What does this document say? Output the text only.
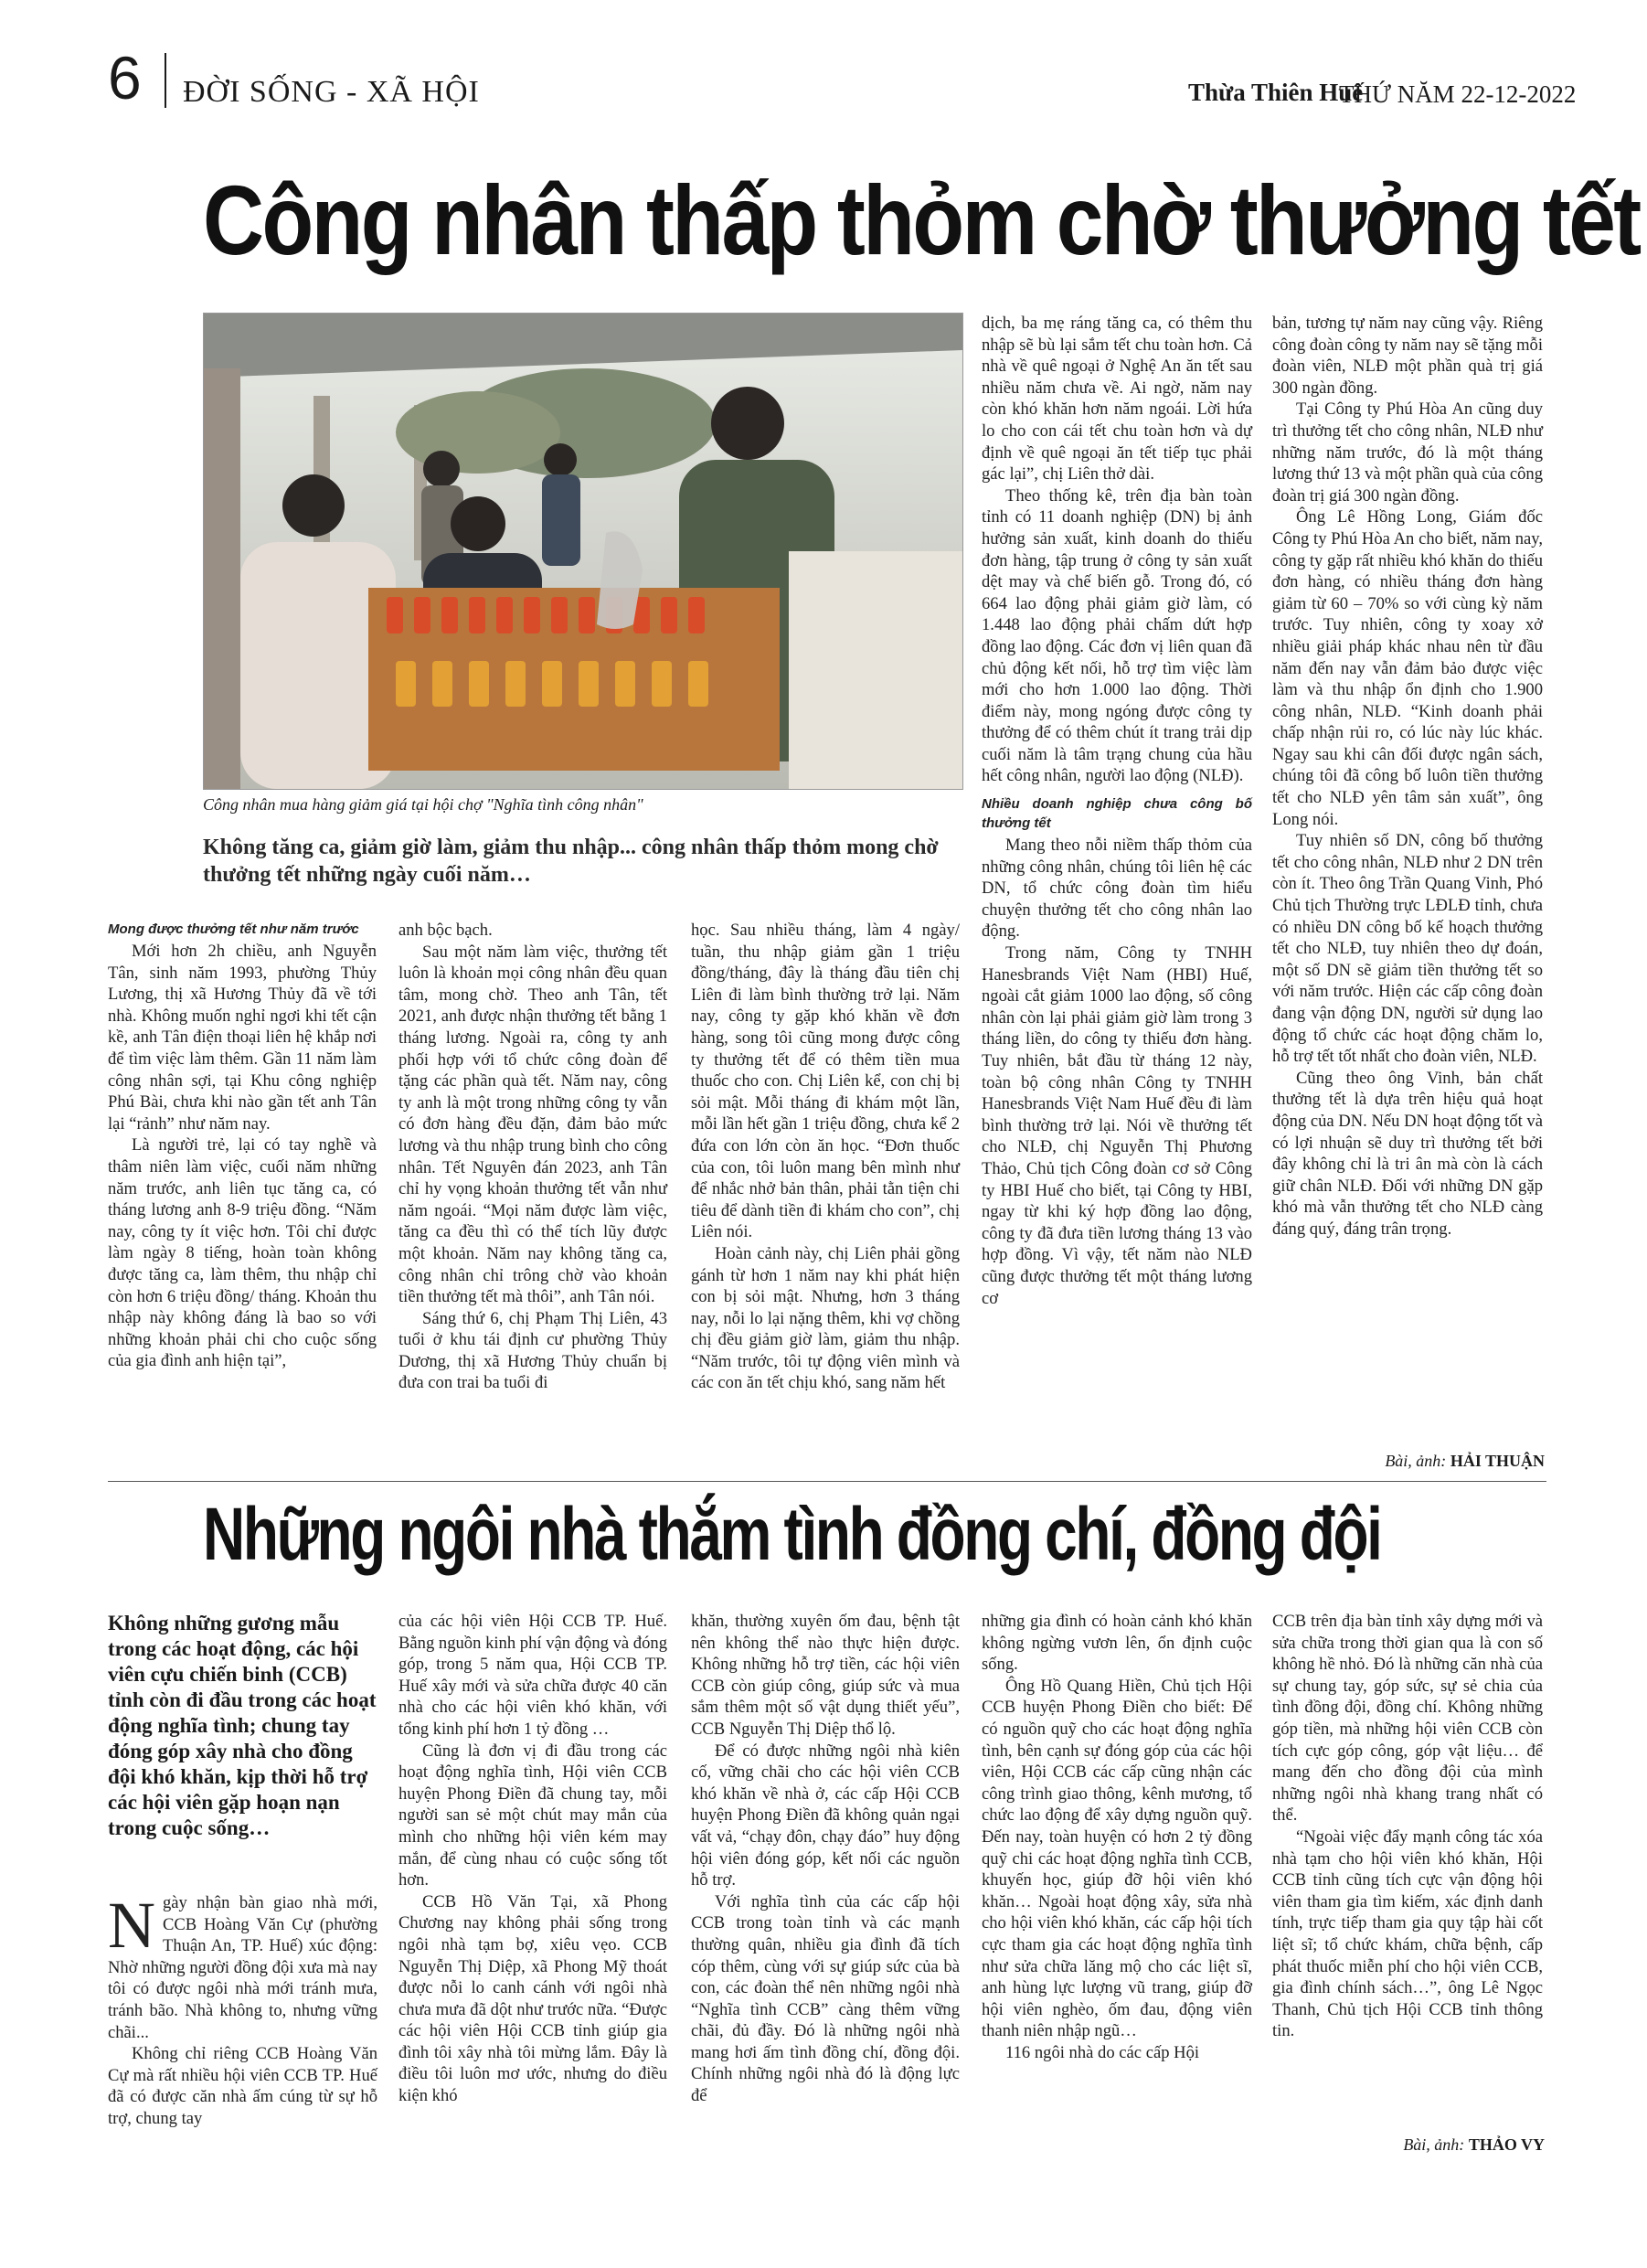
6 ĐỜI SỐNG - XÃ HỘI	Thừa Thiên Huế
THỨ NĂM 22-12-2022
Công nhân thấp thỏm chờ thưởng tết
Công nhân mua hàng giảm giá tại hội chợ "Nghĩa tình công nhân"
Không tăng ca, giảm giờ làm, giảm thu nhập... công nhân thấp thỏm mong chờ thưởng tết những ngày cuối năm…
Mong được thưởng tết như năm trước

Mới hơn 2h chiều, anh Nguyễn Tân, sinh năm 1993, phường Thủy Lương, thị xã Hương Thủy đã về tới nhà. Không muốn nghỉ ngơi khi tết cận kề, anh Tân điện thoại liên hệ khắp nơi để tìm việc làm thêm. Gần 11 năm làm công nhân sợi, tại Khu công nghiệp Phú Bài, chưa khi nào gần tết anh Tân lại “rảnh” như năm nay.

Là người trẻ, lại có tay nghề và thâm niên làm việc, cuối năm những năm trước, anh liên tục tăng ca, có tháng lương anh 8-9 triệu đồng. “Năm nay, công ty ít việc hơn. Tôi chỉ được làm ngày 8 tiếng, hoàn toàn không được tăng ca, làm thêm, thu nhập chỉ còn hơn 6 triệu đồng/ tháng. Khoản thu nhập này không đáng là bao so với những khoản phải chi cho cuộc sống của gia đình anh hiện tại”,

anh bộc bạch.

Sau một năm làm việc, thưởng tết luôn là khoản mọi công nhân đều quan tâm, mong chờ. Theo anh Tân, tết 2021, anh được nhận thưởng tết bằng 1 tháng lương. Ngoài ra, công ty anh phối hợp với tổ chức công đoàn để tặng các phần quà tết. Năm nay, công ty anh là một trong những công ty vẫn có đơn hàng đều đặn, đảm bảo mức lương và thu nhập trung bình cho công nhân. Tết Nguyên đán 2023, anh Tân chỉ hy vọng khoản thưởng tết vẫn như năm ngoái. “Mọi năm được làm việc, tăng ca đều thì có thể tích lũy được một khoản. Năm nay không tăng ca, công nhân chỉ trông chờ vào khoản tiền thưởng tết mà thôi”, anh Tân nói.

Sáng thứ 6, chị Phạm Thị Liên, 43 tuổi ở khu tái định cư phường Thủy Dương, thị xã Hương Thủy chuẩn bị đưa con trai ba tuổi đi

học. Sau nhiều tháng, làm 4 ngày/ tuần, thu nhập giảm gần 1 triệu đồng/tháng, đây là tháng đầu tiên chị Liên đi làm bình thường trở lại. Năm nay, công ty gặp khó khăn về đơn hàng, song tôi cũng mong được công ty thưởng tết để có thêm tiền mua thuốc cho con. Chị Liên kể, con chị bị sỏi mật. Mỗi tháng đi khám một lần, mỗi lần hết gần 1 triệu đồng, chưa kể 2 đứa con lớn còn ăn học. “Đơn thuốc của con, tôi luôn mang bên mình như để nhắc nhở bản thân, phải tằn tiện chi tiêu để dành tiền đi khám cho con”, chị Liên nói.

Hoàn cảnh này, chị Liên phải gồng gánh từ hơn 1 năm nay khi phát hiện con bị sỏi mật. Nhưng, hơn 3 tháng nay, nỗi lo lại nặng thêm, khi vợ chồng chị đều giảm giờ làm, giảm thu nhập. “Năm trước, tôi tự động viên mình và các con ăn tết chịu khó, sang năm hết

dịch, ba mẹ ráng tăng ca, có thêm thu nhập sẽ bù lại sắm tết chu toàn hơn. Cả nhà về quê ngoại ở Nghệ An ăn tết sau nhiều năm chưa về. Ai ngờ, năm nay còn khó khăn hơn năm ngoái. Lời hứa lo cho con cái tết chu toàn hơn và dự định về quê ngoại ăn tết tiếp tục phải gác lại”, chị Liên thở dài.

Theo thống kê, trên địa bàn toàn tỉnh có 11 doanh nghiệp (DN) bị ảnh hưởng sản xuất, kinh doanh do thiếu đơn hàng, tập trung ở công ty sản xuất dệt may và chế biến gỗ. Trong đó, có 664 lao động phải giảm giờ làm, có 1.448 lao động phải chấm dứt hợp đồng lao động. Các đơn vị liên quan đã chủ động kết nối, hỗ trợ tìm việc làm mới cho hơn 1.000 lao động. Thời điểm này, mong ngóng được công ty thưởng để có thêm chút ít trang trải dịp cuối năm là tâm trạng chung của hầu hết công nhân, người lao động (NLĐ).

Nhiều doanh nghiệp chưa công bố thưởng tết

Mang theo nỗi niềm thấp thỏm của những công nhân, chúng tôi liên hệ các DN, tổ chức công đoàn tìm hiểu chuyện thưởng tết cho công nhân lao động.

Trong năm, Công ty TNHH Hanesbrands Việt Nam (HBI) Huế, ngoài cắt giảm 1000 lao động, số công nhân còn lại phải giảm giờ làm trong 3 tháng liền, do công ty thiếu đơn hàng. Tuy nhiên, bắt đầu từ tháng 12 này, toàn bộ công nhân Công ty TNHH Hanesbrands Việt Nam Huế đều đi làm bình thường trở lại. Nói về thưởng tết cho NLĐ, chị Nguyễn Thị Phương Thảo, Chủ tịch Công đoàn cơ sở Công ty HBI Huế cho biết, tại Công ty HBI, ngay từ khi ký hợp đồng lao động, công ty đã đưa tiền lương tháng 13 vào hợp đồng. Vì vậy, tết năm nào NLĐ cũng được thưởng tết một tháng lương cơ

bản, tương tự năm nay cũng vậy. Riêng công đoàn công ty năm nay sẽ tặng mỗi đoàn viên, NLĐ một phần quà trị giá 300 ngàn đồng.

Tại Công ty Phú Hòa An cũng duy trì thưởng tết cho công nhân, NLĐ như những năm trước, đó là một tháng lương thứ 13 và một phần quà của công đoàn trị giá 300 ngàn đồng.

Ông Lê Hồng Long, Giám đốc Công ty Phú Hòa An cho biết, năm nay, công ty gặp rất nhiều khó khăn do thiếu đơn hàng, có nhiều tháng đơn hàng giảm từ 60 – 70% so với cùng kỳ năm trước. Tuy nhiên, công ty xoay xở nhiều giải pháp khác nhau nên từ đầu năm đến nay vẫn đảm bảo được việc làm và thu nhập ổn định cho 1.900 công nhân, NLĐ. “Kinh doanh phải chấp nhận rủi ro, có lúc này lúc khác. Ngay sau khi cân đối được ngân sách, chúng tôi đã công bố luôn tiền thưởng tết cho NLĐ yên tâm sản xuất”, ông Long nói.

Tuy nhiên số DN, công bố thưởng tết cho công nhân, NLĐ như 2 DN trên còn ít. Theo ông Trần Quang Vinh, Phó Chủ tịch Thường trực LĐLĐ tỉnh, chưa có nhiều DN công bố kế hoạch thưởng tết cho NLĐ, tuy nhiên theo dự đoán, một số DN sẽ giảm tiền thưởng tết so với năm trước. Hiện các cấp công đoàn đang vận động DN, người sử dụng lao động tổ chức các hoạt động chăm lo, hỗ trợ tết tốt nhất cho đoàn viên, NLĐ.

Cũng theo ông Vinh, bản chất thưởng tết là dựa trên hiệu quả hoạt động của DN. Nếu DN hoạt động tốt và có lợi nhuận sẽ duy trì thưởng tết bởi đây không chỉ là tri ân mà còn là cách giữ chân NLĐ. Đối với những DN gặp khó mà vẫn thưởng tết cho NLĐ càng đáng quý, đáng trân trọng.

Bài, ảnh: HẢI THUẬN
Những ngôi nhà thắm tình đồng chí, đồng đội
Không những gương mẫu trong các hoạt động, các hội viên cựu chiến binh (CCB) tỉnh còn đi đầu trong các hoạt động nghĩa tình; chung tay đóng góp xây nhà cho đồng đội khó khăn, kịp thời hỗ trợ các hội viên gặp hoạn nạn trong cuộc sống…

Ngày nhận bàn giao nhà mới, CCB Hoàng Văn Cự (phường Thuận An, TP. Huế) xúc động: Nhờ những người đồng đội xưa mà nay tôi có được ngôi nhà mới tránh mưa, tránh bão. Nhà không to, nhưng vững chãi...

Không chỉ riêng CCB Hoàng Văn Cự mà rất nhiều hội viên CCB TP. Huế đã có được căn nhà ấm cúng từ sự hỗ trợ, chung tay

của các hội viên Hội CCB TP. Huế. Bằng nguồn kinh phí vận động và đóng góp, trong 5 năm qua, Hội CCB TP. Huế xây mới và sửa chữa được 40 căn nhà cho các hội viên khó khăn, với tổng kinh phí hơn 1 tỷ đồng …

Cũng là đơn vị đi đầu trong các hoạt động nghĩa tình, Hội viên CCB huyện Phong Điền đã chung tay, mỗi người san sẻ một chút may mắn của mình cho những hội viên kém may mắn, để cùng nhau có cuộc sống tốt hơn.

CCB Hồ Văn Tại, xã Phong Chương nay không phải sống trong ngôi nhà tạm bợ, xiêu vẹo. CCB Nguyễn Thị Diệp, xã Phong Mỹ thoát được nỗi lo canh cánh với ngôi nhà chưa mưa đã dột như trước nữa. “Được các hội viên Hội CCB tỉnh giúp gia đình tôi xây nhà tôi mừng lắm. Đây là điều tôi luôn mơ ước, nhưng do điều kiện khó

khăn, thường xuyên ốm đau, bệnh tật nên không thể nào thực hiện được. Không những hỗ trợ tiền, các hội viên CCB còn giúp công, giúp sức và mua sắm thêm một số vật dụng thiết yếu”, CCB Nguyễn Thị Diệp thổ lộ.

Để có được những ngôi nhà kiên cố, vững chãi cho các hội viên CCB khó khăn về nhà ở, các cấp Hội CCB huyện Phong Điền đã không quản ngại vất vả, “chạy đôn, chạy đáo” huy động hội viên đóng góp, kết nối các nguồn hỗ trợ.

Với nghĩa tình của các cấp hội CCB trong toàn tỉnh và các mạnh thường quân, nhiều gia đình đã tích cóp thêm, cùng với sự giúp sức của bà con, các đoàn thể nên những ngôi nhà “Nghĩa tình CCB” càng thêm vững chãi, đủ đầy. Đó là những ngôi nhà mang hơi ấm tình đồng chí, đồng đội. Chính những ngôi nhà đó là động lực để

những gia đình có hoàn cảnh khó khăn không ngừng vươn lên, ổn định cuộc sống.

Ông Hồ Quang Hiền, Chủ tịch Hội CCB huyện Phong Điền cho biết: Để có nguồn quỹ cho các hoạt động nghĩa tình, bên cạnh sự đóng góp của các hội viên, Hội CCB các cấp cũng nhận các công trình giao thông, kênh mương, tổ chức lao động để xây dựng nguồn quỹ. Đến nay, toàn huyện có hơn 2 tỷ đồng quỹ chi các hoạt động nghĩa tình CCB, khuyến học, giúp đỡ hội viên khó khăn… Ngoài hoạt động xây, sửa nhà cho hội viên khó khăn, các cấp hội tích cực tham gia các hoạt động nghĩa tình như sửa chữa lăng mộ cho các liệt sĩ, anh hùng lực lượng vũ trang, giúp đỡ hội viên nghèo, ốm đau, động viên thanh niên nhập ngũ…

116 ngôi nhà do các cấp Hội

CCB trên địa bàn tỉnh xây dựng mới và sửa chữa trong thời gian qua là con số không hề nhỏ. Đó là những căn nhà của sự chung tay, góp sức, sự sẻ chia của tình đồng đội, đồng chí. Không những góp tiền, mà những hội viên CCB còn tích cực góp công, góp vật liệu… để mang đến cho đồng đội của mình những ngôi nhà khang trang nhất có thể.

“Ngoài việc đẩy mạnh công tác xóa nhà tạm cho hội viên khó khăn, Hội CCB tỉnh cũng tích cực vận động hội viên tham gia tìm kiếm, xác định danh tính, trực tiếp tham gia quy tập hài cốt liệt sĩ; tổ chức khám, chữa bệnh, cấp phát thuốc miễn phí cho hội viên CCB, gia đình chính sách…”, ông Lê Ngọc Thanh, Chủ tịch Hội CCB tỉnh thông tin.

Bài, ảnh: THẢO VY
